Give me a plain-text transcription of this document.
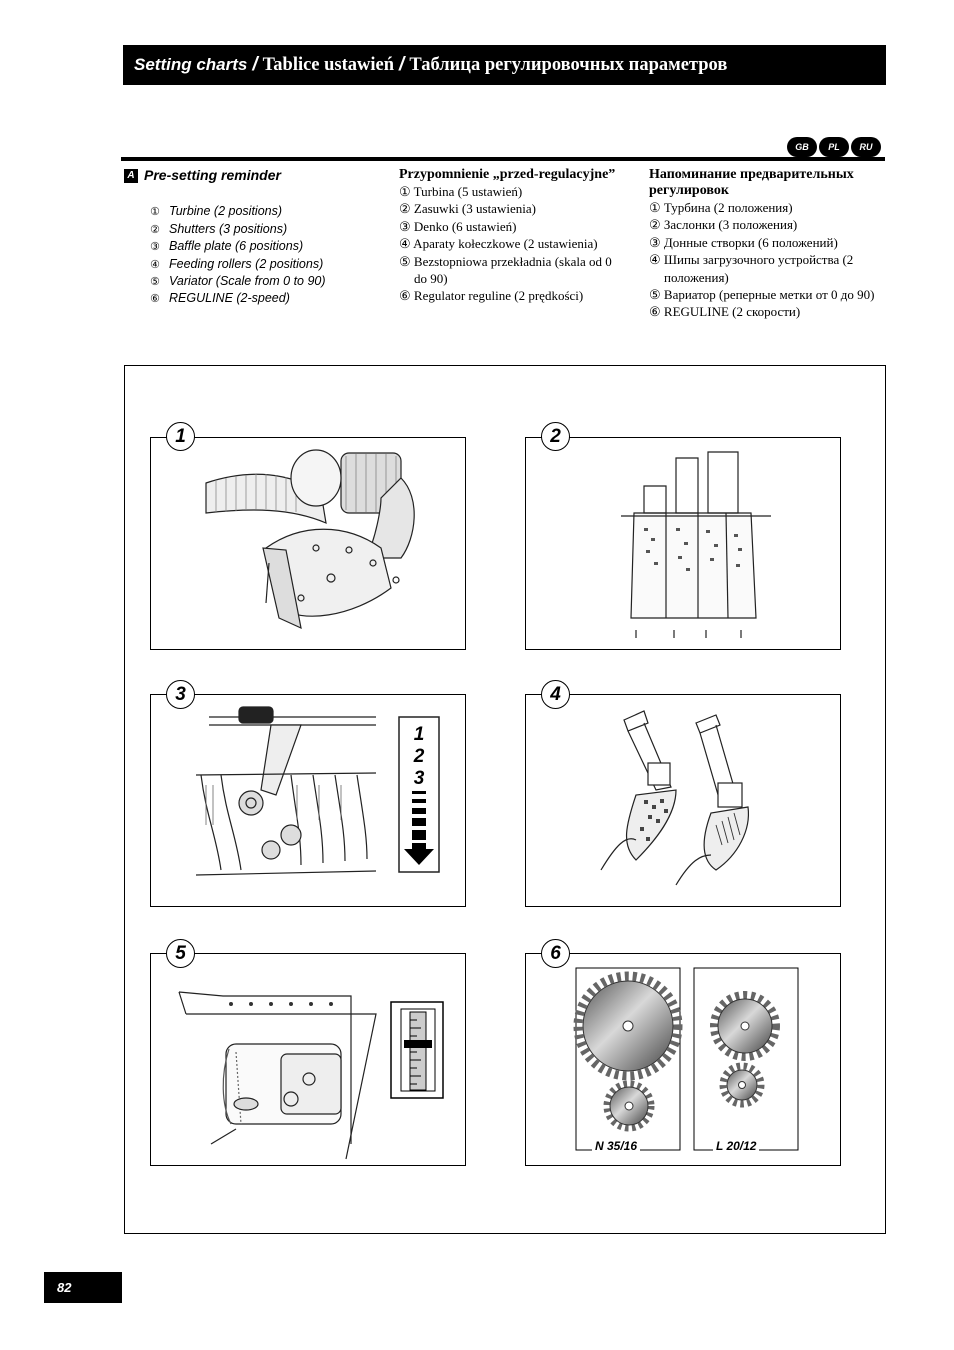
Setting charts / Tablice ustawień / Таблица регулировочных параметров
GB	PL	RU
A Pre-setting reminder
① Turbine (2 positions)
② Shutters (3 positions)
③ Baffle plate (6 positions)
④ Feeding rollers (2 positions)
⑤ Variator (Scale from 0 to 90)
⑥ REGULINE (2-speed)
Przypomnienie „przed-regulacyjne”
① Turbina (5 ustawień)
② Zasuwki (3 ustawienia)
③ Denko (6 ustawień)
④ Aparaty kołeczkowe (2 ustawienia)
⑤ Bezstopniowa przekładnia (skala od 0 do 90)
⑥ Regulator reguline (2 prędkości)
Напоминание предварительных регулировок
① Турбина (2 положения)
② Заслонки (3 положения)
③ Донные створки (6 положений)
④ Шипы загрузочного устройства (2 положения)
⑤ Вариатор (реперные метки от 0 до 90)
⑥ REGULINE (2 скорости)
1	2
1
2
3
3	4
5
N 35/16	L 20/12
6
82
